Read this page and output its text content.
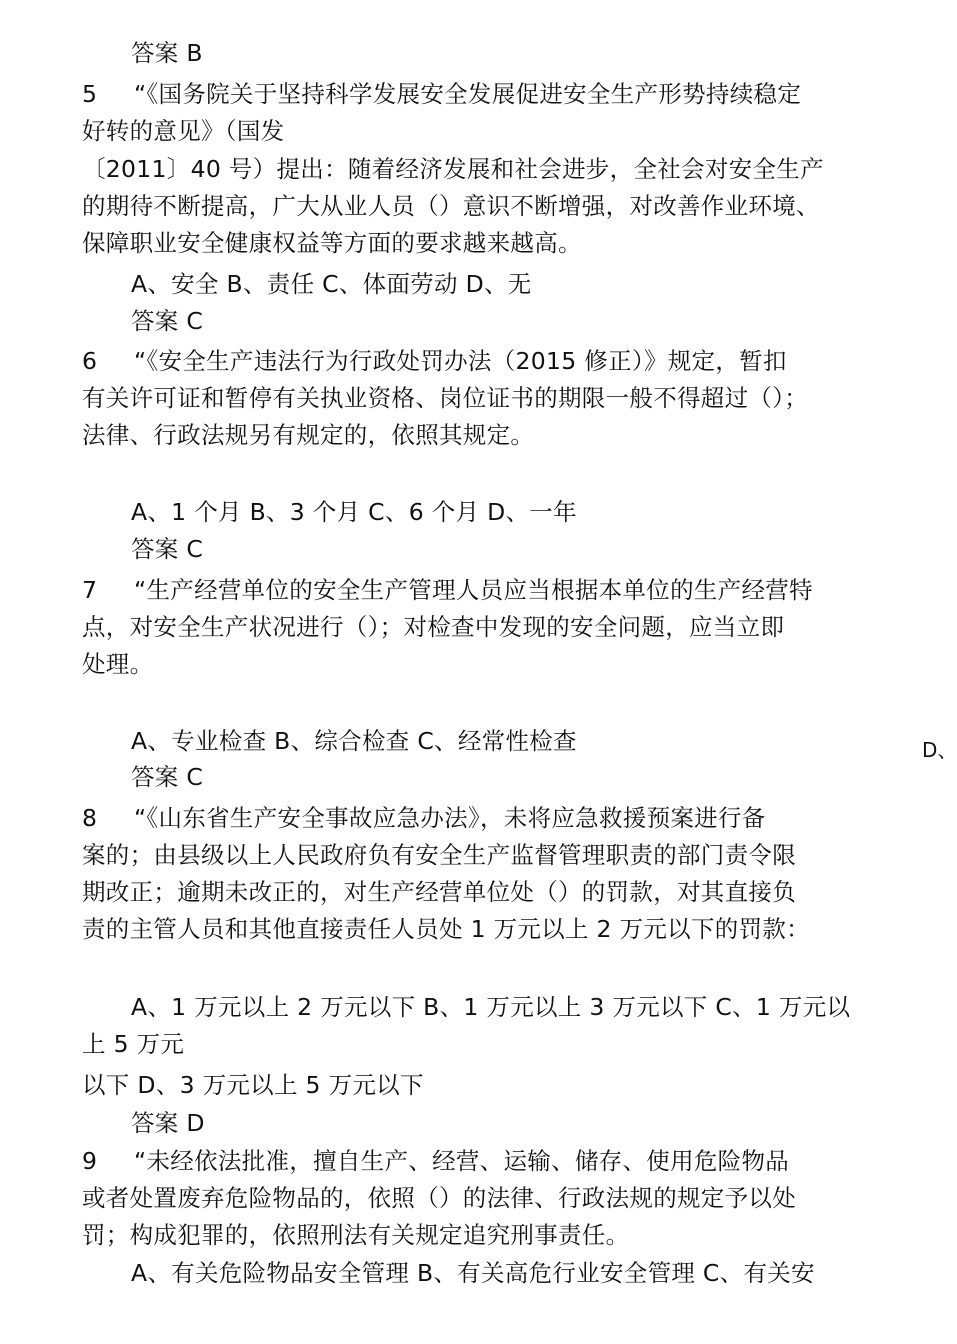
答案 B
5 “《国务院关于坚持科学发展安全发展促进安全生产形势持续稳定
好转的意见》（国发
〔2011〕40 号）提出：随着经济发展和社会进步，全社会对安全生产
的期待不断提高，广大从业人员（）意识不断增强，对改善作业环境、
保障职业安全健康权益等方面的要求越来越高。
A、安全 B、责任 C、体面劳动 D、无
答案 C
6 “《安全生产违法行为行政处罚办法（2015 修正）》规定，暂扣
有关许可证和暂停有关执业资格、岗位证书的期限一般不得超过（）；
法律、行政法规另有规定的，依照其规定。
A、1 个月 B、3 个月 C、6 个月 D、一年
答案 C
7 “生产经营单位的安全生产管理人员应当根据本单位的生产经营特
点，对安全生产状况进行（）；对检查中发现的安全问题，应当立即
处理。
A、专业检查 B、综合检查 C、经常性检查	D、
答案 C
8 “《山东省生产安全事故应急办法》，未将应急救援预案进行备
案的；由县级以上人民政府负有安全生产监督管理职责的部门责令限
期改正；逾期未改正的，对生产经营单位处（）的罚款，对其直接负
责的主管人员和其他直接责任人员处 1 万元以上 2 万元以下的罚款：
A、1 万元以上 2 万元以下 B、1 万元以上 3 万元以下 C、1 万元以
上 5 万元
以下 D、3 万元以上 5 万元以下
答案 D
9 “未经依法批准，擅自生产、经营、运输、储存、使用危险物品
或者处置废弃危险物品的，依照（）的法律、行政法规的规定予以处
罚；构成犯罪的，依照刑法有关规定追究刑事责任。
A、有关危险物品安全管理 B、有关高危行业安全管理 C、有关安
